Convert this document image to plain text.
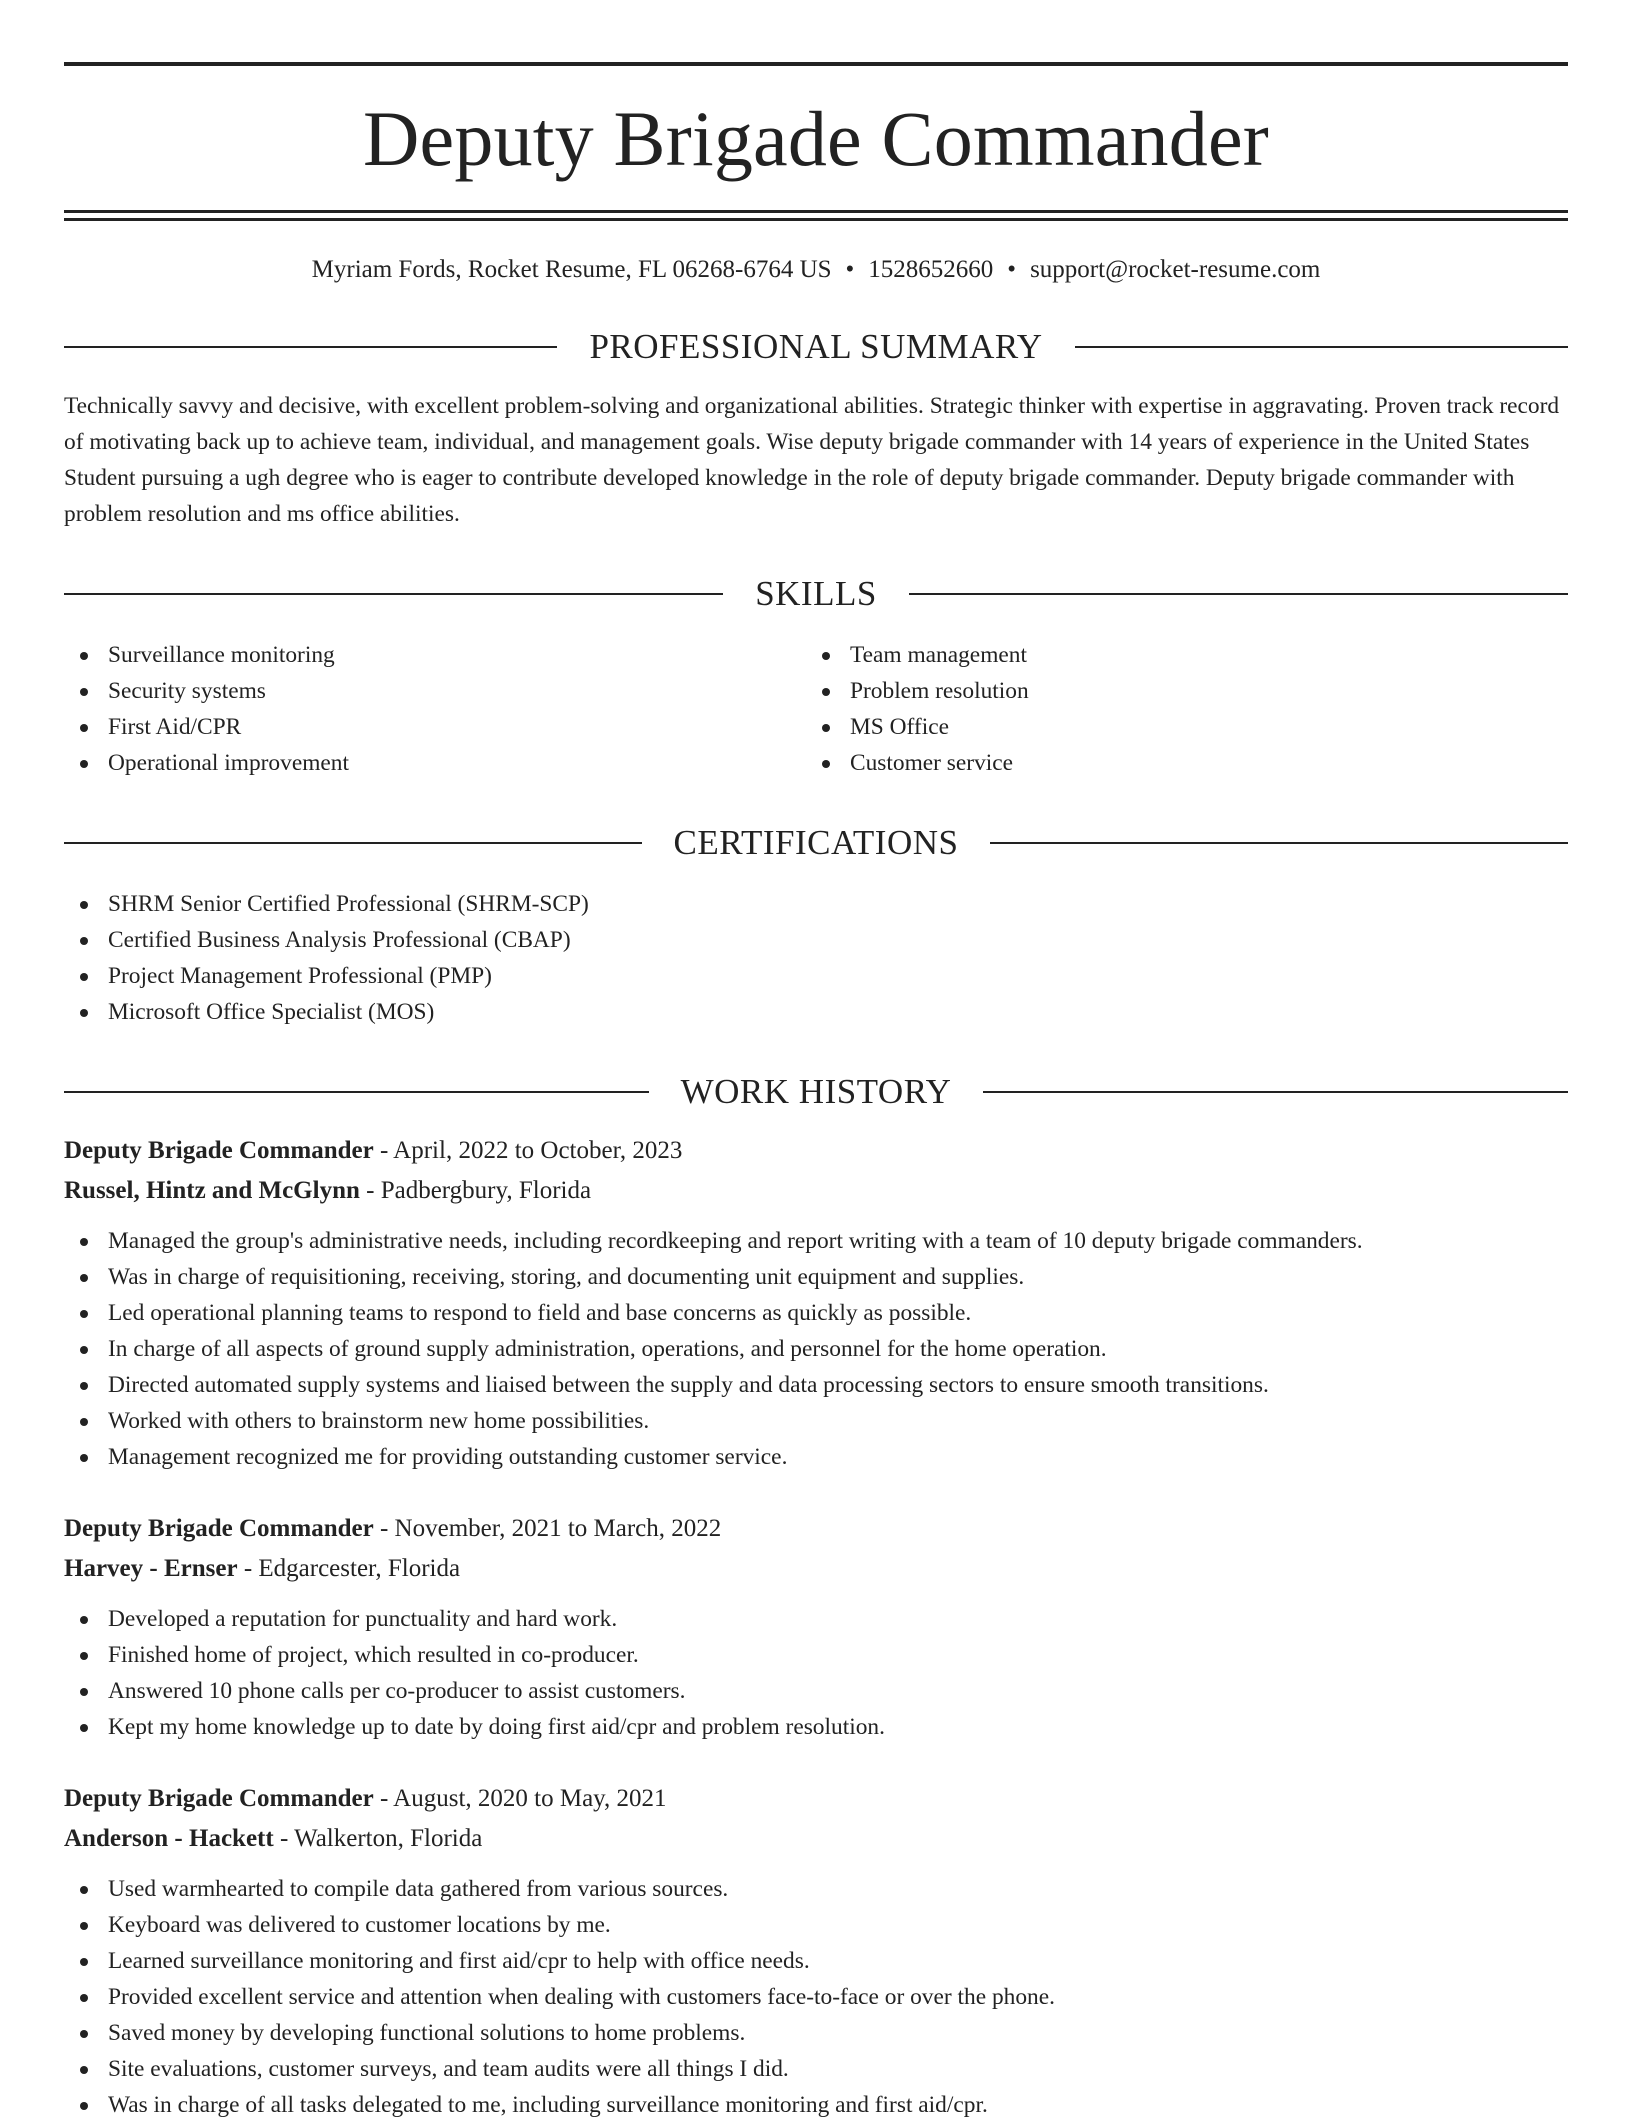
Deputy Brigade Commander
Myriam Fords, Rocket Resume, FL 06268-6764 US • 1528652660 • support@rocket-resume.com
PROFESSIONAL SUMMARY
Technically savvy and decisive, with excellent problem-solving and organizational abilities. Strategic thinker with expertise in aggravating. Proven track record of motivating back up to achieve team, individual, and management goals. Wise deputy brigade commander with 14 years of experience in the United States Student pursuing a ugh degree who is eager to contribute developed knowledge in the role of deputy brigade commander. Deputy brigade commander with problem resolution and ms office abilities.
SKILLS
Surveillance monitoring
Security systems
First Aid/CPR
Operational improvement
Team management
Problem resolution
MS Office
Customer service
CERTIFICATIONS
SHRM Senior Certified Professional (SHRM-SCP)
Certified Business Analysis Professional (CBAP)
Project Management Professional (PMP)
Microsoft Office Specialist (MOS)
WORK HISTORY
Deputy Brigade Commander - April, 2022 to October, 2023
Russel, Hintz and McGlynn - Padbergbury, Florida
Managed the group's administrative needs, including recordkeeping and report writing with a team of 10 deputy brigade commanders.
Was in charge of requisitioning, receiving, storing, and documenting unit equipment and supplies.
Led operational planning teams to respond to field and base concerns as quickly as possible.
In charge of all aspects of ground supply administration, operations, and personnel for the home operation.
Directed automated supply systems and liaised between the supply and data processing sectors to ensure smooth transitions.
Worked with others to brainstorm new home possibilities.
Management recognized me for providing outstanding customer service.
Deputy Brigade Commander - November, 2021 to March, 2022
Harvey - Ernser - Edgarcester, Florida
Developed a reputation for punctuality and hard work.
Finished home of project, which resulted in co-producer.
Answered 10 phone calls per co-producer to assist customers.
Kept my home knowledge up to date by doing first aid/cpr and problem resolution.
Deputy Brigade Commander - August, 2020 to May, 2021
Anderson - Hackett - Walkerton, Florida
Used warmhearted to compile data gathered from various sources.
Keyboard was delivered to customer locations by me.
Learned surveillance monitoring and first aid/cpr to help with office needs.
Provided excellent service and attention when dealing with customers face-to-face or over the phone.
Saved money by developing functional solutions to home problems.
Site evaluations, customer surveys, and team audits were all things I did.
Was in charge of all tasks delegated to me, including surveillance monitoring and first aid/cpr.
